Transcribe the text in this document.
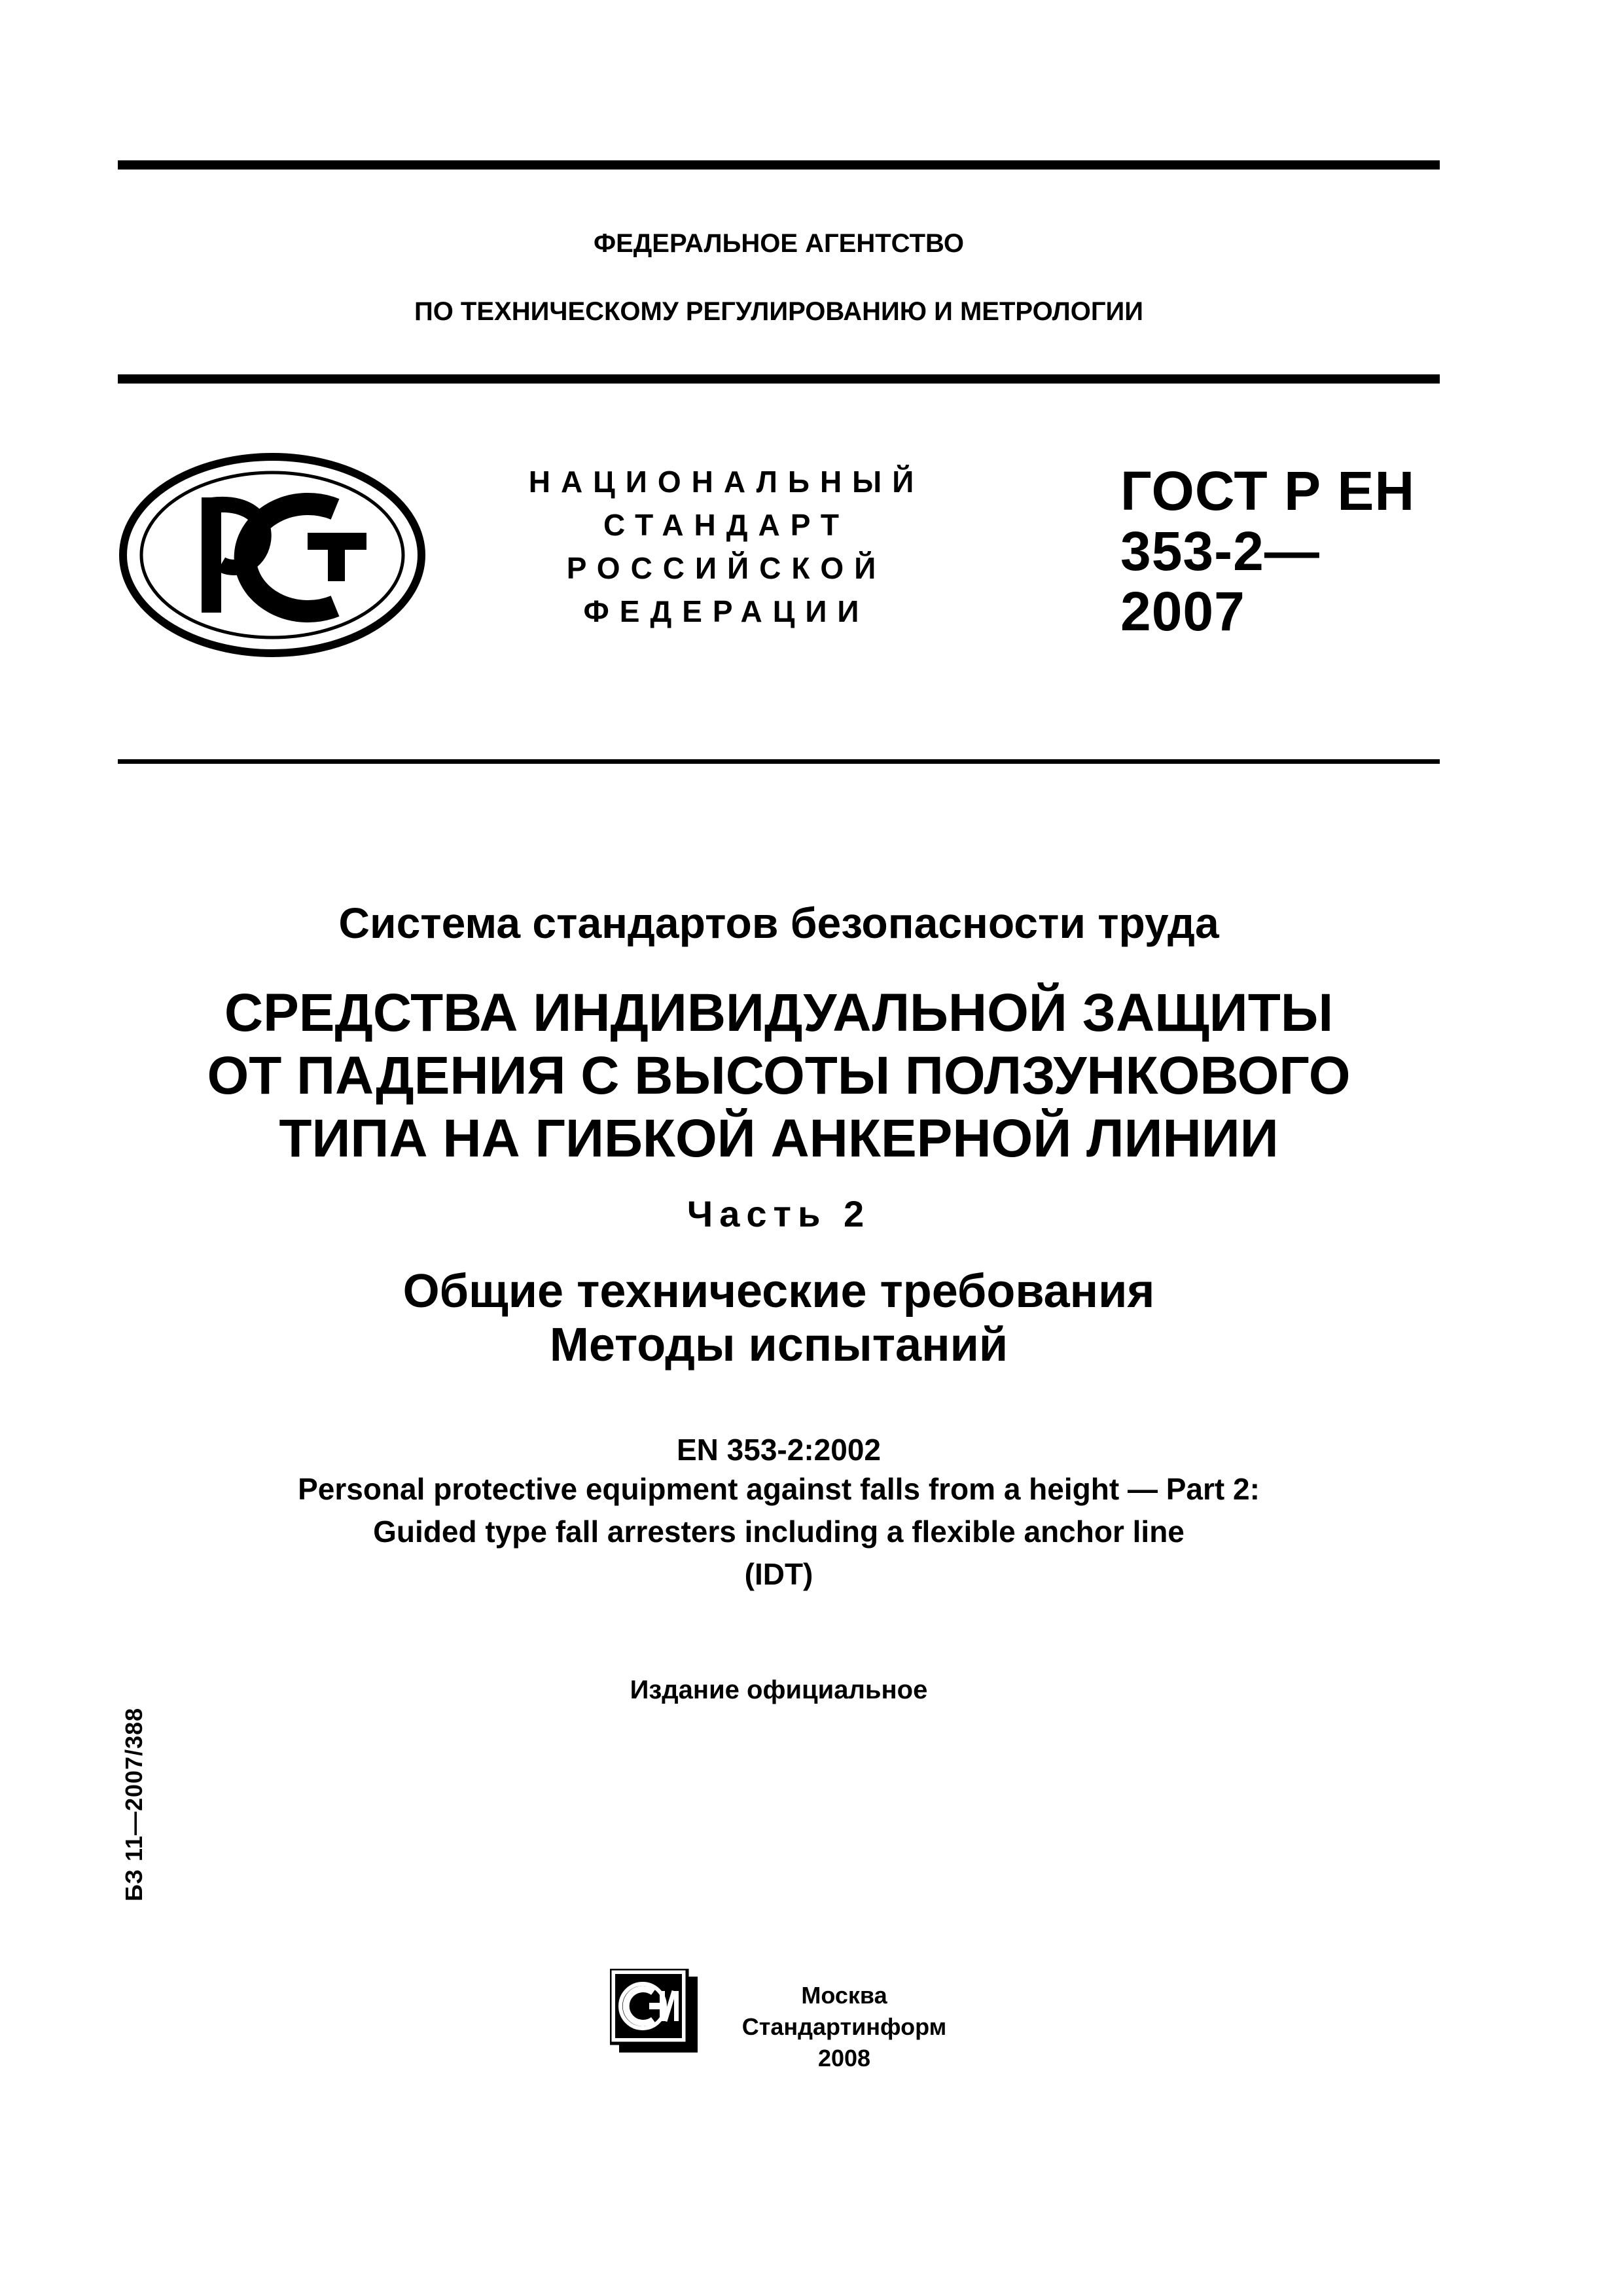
ФЕДЕРАЛЬНОЕ АГЕНТСТВО
ПО ТЕХНИЧЕСКОМУ РЕГУЛИРОВАНИЮ И МЕТРОЛОГИИ
НАЦИОНАЛЬНЫЙ
СТАНДАРТ
РОССИЙСКОЙ
ФЕДЕРАЦИИ
ГОСТ Р ЕН
353-2—
2007
Система стандартов безопасности труда
СРЕДСТВА ИНДИВИДУАЛЬНОЙ ЗАЩИТЫ
ОТ ПАДЕНИЯ С ВЫСОТЫ ПОЛЗУНКОВОГО
ТИПА НА ГИБКОЙ АНКЕРНОЙ ЛИНИИ
Часть 2
Общие технические требования
Методы испытаний
EN 353-2:2002
Personal protective equipment against falls from a height — Part 2:
Guided type fall arresters including a flexible anchor line
(IDT)
Издание официальное
БЗ 11—2007/388
Москва
Стандартинформ
2008
